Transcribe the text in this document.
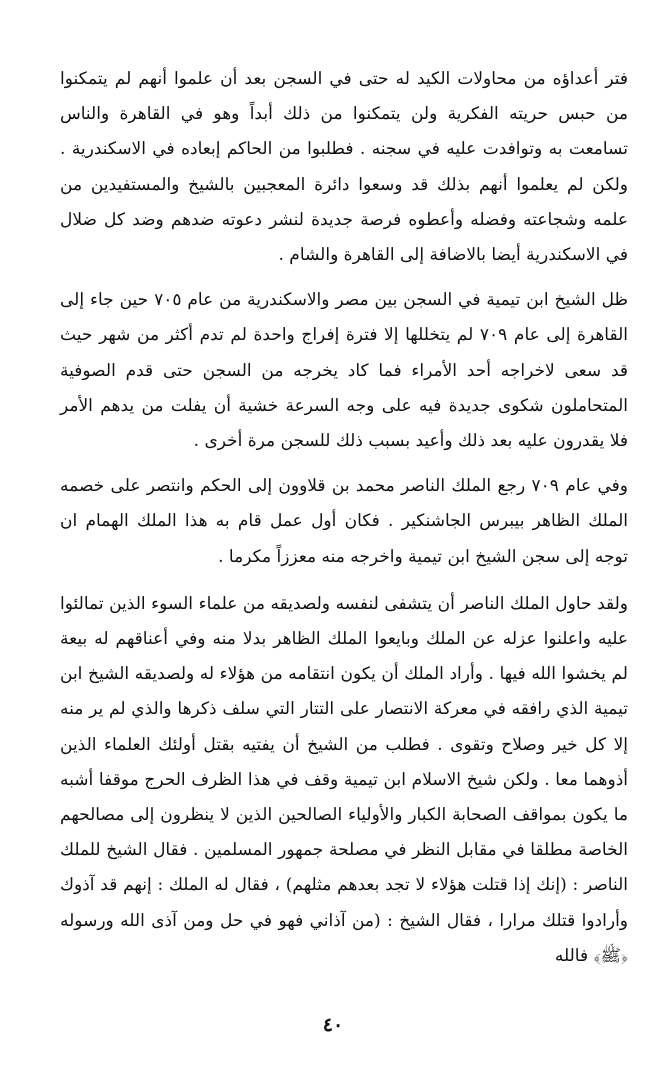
فتر أعداؤه من محاولات الكيد له حتى في السجن بعد أن علموا أنهم لم يتمكنوا من حبس حريته الفكرية ولن يتمكنوا من ذلك أبداً وهو في القاهرة والناس تسامعت به وتوافدت عليه في سجنه . فطلبوا من الحاكم إبعاده في الاسكندرية . ولكن لم يعلموا أنهم بذلك قد وسعوا دائرة المعجبين بالشيخ والمستفيدين من علمه وشجاعته وفضله وأعطوه فرصة جديدة لنشر دعوته ضدهم وضد كل ضلال في الاسكندرية أيضا بالاضافة إلى القاهرة والشام .

ظل الشيخ ابن تيمية في السجن بين مصر والاسكندرية من عام ٧٠٥ حين جاء إلى القاهرة إلى عام ٧٠٩ لم يتخللها إلا فترة إفراج واحدة لم تدم أكثر من شهر حيث قد سعى لاخراجه أحد الأمراء فما كاد يخرجه من السجن حتى قدم الصوفية المتحاملون شكوى جديدة فيه على وجه السرعة خشية أن يفلت من يدهم الأمر فلا يقدرون عليه بعد ذلك وأعيد بسبب ذلك للسجن مرة أخرى .

وفي عام ٧٠٩ رجع الملك الناصر محمد بن قلاوون إلى الحكم وانتصر على خصمه الملك الظاهر بيبرس الجاشنكير . فكان أول عمل قام به هذا الملك الهمام ان توجه إلى سجن الشيخ ابن تيمية واخرجه منه معززاً مكرما .

ولقد حاول الملك الناصر أن يتشفى لنفسه ولصديقه من علماء السوء الذين تمالئوا عليه واعلنوا عزله عن الملك وبايعوا الملك الظاهر بدلا منه وفي أعناقهم له بيعة لم يخشوا الله فيها . وأراد الملك أن يكون انتقامه من هؤلاء له ولصديقه الشيخ ابن تيمية الذي رافقه في معركة الانتصار على التتار التي سلف ذكرها والذي لم ير منه إلا كل خير وصلاح وتقوى . فطلب من الشيخ أن يفتيه بقتل أولئك العلماء الذين أذوهما معا . ولكن شيخ الاسلام ابن تيمية وقف في هذا الظرف الحرج موقفا أشبه ما يكون بمواقف الصحابة الكبار والأولياء الصالحين الذين لا ينظرون إلى مصالحهم الخاصة مطلقا في مقابل النظر في مصلحة جمهور المسلمين . فقال الشيخ للملك الناصر : (إنك إذا قتلت هؤلاء لا تجد بعدهم مثلهم) ، فقال له الملك : إنهم قد آذوك وأرادوا قتلك مرارا ، فقال الشيخ : (من آذاني فهو في حل ومن آذى الله ورسوله ﴿ﷺ﴾ فالله

٤٠
